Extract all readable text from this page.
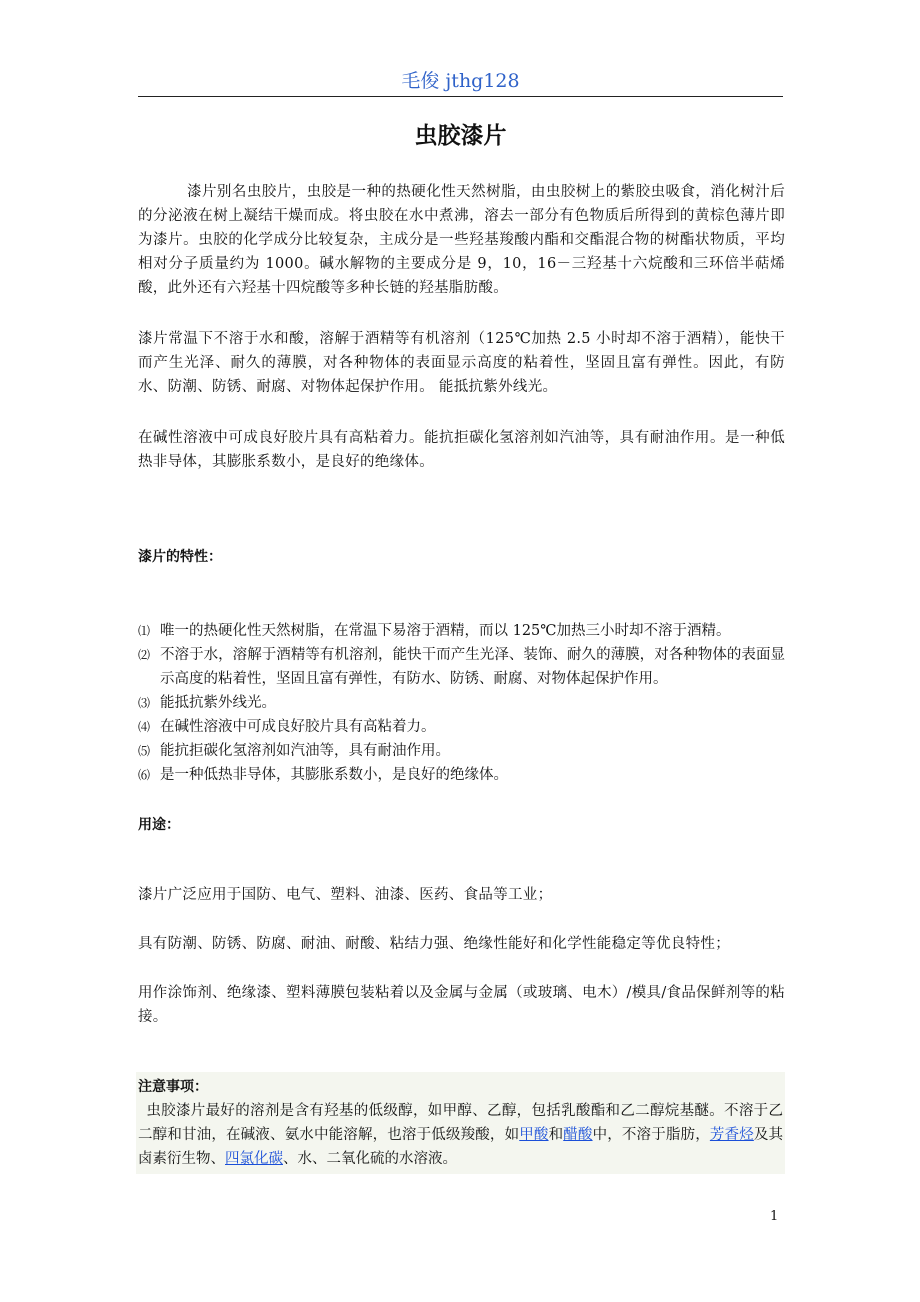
毛俊 jthg128
虫胶漆片

漆片别名虫胶片，虫胶是一种的热硬化性天然树脂，由虫胶树上的紫胶虫吸食，消化树汁后的分泌液在树上凝结干燥而成。将虫胶在水中煮沸，溶去一部分有色物质后所得到的黄棕色薄片即为漆片。虫胶的化学成分比较复杂，主成分是一些羟基羧酸内酯和交酯混合物的树酯状物质，平均相对分子质量约为 1000。碱水解物的主要成分是 9，10，16－三羟基十六烷酸和三环倍半萜烯酸，此外还有六羟基十四烷酸等多种长链的羟基脂肪酸。

漆片常温下不溶于水和酸，溶解于酒精等有机溶剂（125℃加热 2.5 小时却不溶于酒精），能快干而产生光泽、耐久的薄膜，对各种物体的表面显示高度的粘着性，坚固且富有弹性。因此，有防水、防潮、防锈、耐腐、对物体起保护作用。 能抵抗紫外线光。

在碱性溶液中可成良好胶片具有高粘着力。能抗拒碳化氢溶剂如汽油等，具有耐油作用。是一种低热非导体，其膨胀系数小，是良好的绝缘体。

漆片的特性：
⑴ 唯一的热硬化性天然树脂，在常温下易溶于酒精，而以 125℃加热三小时却不溶于酒精。
⑵ 不溶于水，溶解于酒精等有机溶剂，能快干而产生光泽、装饰、耐久的薄膜，对各种物体的表面显示高度的粘着性，坚固且富有弹性，有防水、防锈、耐腐、对物体起保护作用。
⑶ 能抵抗紫外线光。
⑷ 在碱性溶液中可成良好胶片具有高粘着力。
⑸ 能抗拒碳化氢溶剂如汽油等，具有耐油作用。
⑹ 是一种低热非导体，其膨胀系数小，是良好的绝缘体。
用途：

漆片广泛应用于国防、电气、塑料、油漆、医药、食品等工业；

具有防潮、防锈、防腐、耐油、耐酸、粘结力强、绝缘性能好和化学性能稳定等优良特性；

用作涂饰剂、绝缘漆、塑料薄膜包装粘着以及金属与金属（或玻璃、电木）/模具/食品保鲜剂等的粘接。

注意事项：
虫胶漆片最好的溶剂是含有羟基的低级醇，如甲醇、乙醇，包括乳酸酯和乙二醇烷基醚。不溶于乙二醇和甘油，在碱液、氨水中能溶解，也溶于低级羧酸，如甲酸和醋酸中，不溶于脂肪，芳香烃及其卤素衍生物、四氯化碳、水、二氧化硫的水溶液。
1
